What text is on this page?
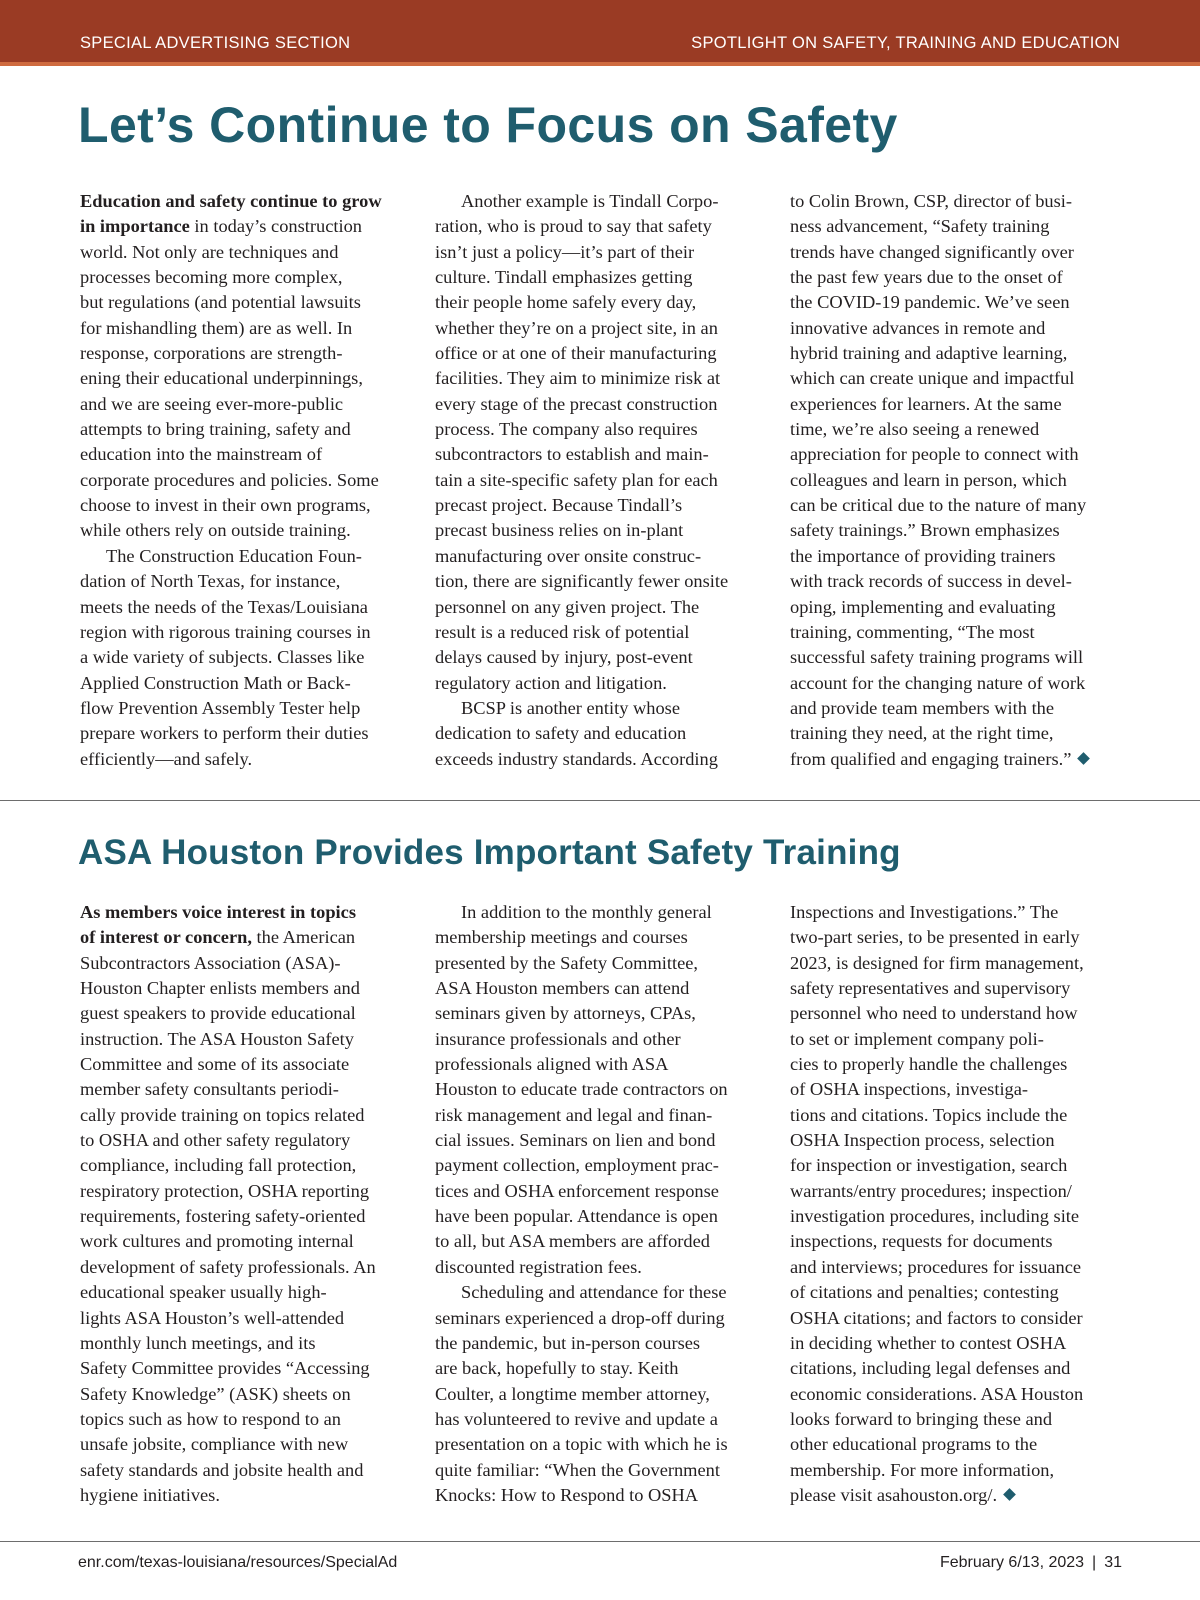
SPECIAL ADVERTISING SECTION	SPOTLIGHT ON SAFETY, TRAINING AND EDUCATION
Let’s Continue to Focus on Safety
Education and safety continue to grow
in importance in today’s construction
world. Not only are techniques and
processes becoming more complex,
but regulations (and potential lawsuits
for mishandling them) are as well. In
response, corporations are strength-
ening their educational underpinnings,
and we are seeing ever-more-public
attempts to bring training, safety and
education into the mainstream of
corporate procedures and policies. Some
choose to invest in their own programs,
while others rely on outside training.
The Construction Education Foun-
dation of North Texas, for instance,
meets the needs of the Texas/Louisiana
region with rigorous training courses in
a wide variety of subjects. Classes like
Applied Construction Math or Back-
flow Prevention Assembly Tester help
prepare workers to perform their duties
efficiently—and safely.
Another example is Tindall Corpo-
ration, who is proud to say that safety
isn’t just a policy—it’s part of their
culture. Tindall emphasizes getting
their people home safely every day,
whether they’re on a project site, in an
office or at one of their manufacturing
facilities. They aim to minimize risk at
every stage of the precast construction
process. The company also requires
subcontractors to establish and main-
tain a site-specific safety plan for each
precast project. Because Tindall’s
precast business relies on in-plant
manufacturing over onsite construc-
tion, there are significantly fewer onsite
personnel on any given project. The
result is a reduced risk of potential
delays caused by injury, post-event
regulatory action and litigation.
BCSP is another entity whose
dedication to safety and education
exceeds industry standards. According
to Colin Brown, CSP, director of busi-
ness advancement, “Safety training
trends have changed significantly over
the past few years due to the onset of
the COVID-19 pandemic. We’ve seen
innovative advances in remote and
hybrid training and adaptive learning,
which can create unique and impactful
experiences for learners. At the same
time, we’re also seeing a renewed
appreciation for people to connect with
colleagues and learn in person, which
can be critical due to the nature of many
safety trainings.” Brown emphasizes
the importance of providing trainers
with track records of success in devel-
oping, implementing and evaluating
training, commenting, “The most
successful safety training programs will
account for the changing nature of work
and provide team members with the
training they need, at the right time,
from qualified and engaging trainers.”
ASA Houston Provides Important Safety Training
As members voice interest in topics
of interest or concern, the American
Subcontractors Association (ASA)-
Houston Chapter enlists members and
guest speakers to provide educational
instruction. The ASA Houston Safety
Committee and some of its associate
member safety consultants periodi-
cally provide training on topics related
to OSHA and other safety regulatory
compliance, including fall protection,
respiratory protection, OSHA reporting
requirements, fostering safety-oriented
work cultures and promoting internal
development of safety professionals. An
educational speaker usually high-
lights ASA Houston’s well-attended
monthly lunch meetings, and its
Safety Committee provides “Accessing
Safety Knowledge” (ASK) sheets on
topics such as how to respond to an
unsafe jobsite, compliance with new
safety standards and jobsite health and
hygiene initiatives.
In addition to the monthly general
membership meetings and courses
presented by the Safety Committee,
ASA Houston members can attend
seminars given by attorneys, CPAs,
insurance professionals and other
professionals aligned with ASA
Houston to educate trade contractors on
risk management and legal and finan-
cial issues. Seminars on lien and bond
payment collection, employment prac-
tices and OSHA enforcement response
have been popular. Attendance is open
to all, but ASA members are afforded
discounted registration fees.
Scheduling and attendance for these
seminars experienced a drop-off during
the pandemic, but in-person courses
are back, hopefully to stay. Keith
Coulter, a longtime member attorney,
has volunteered to revive and update a
presentation on a topic with which he is
quite familiar: “When the Government
Knocks: How to Respond to OSHA
Inspections and Investigations.” The
two-part series, to be presented in early
2023, is designed for firm management,
safety representatives and supervisory
personnel who need to understand how
to set or implement company poli-
cies to properly handle the challenges
of OSHA inspections, investiga-
tions and citations. Topics include the
OSHA Inspection process, selection
for inspection or investigation, search
warrants/entry procedures; inspection/
investigation procedures, including site
inspections, requests for documents
and interviews; procedures for issuance
of citations and penalties; contesting
OSHA citations; and factors to consider
in deciding whether to contest OSHA
citations, including legal defenses and
economic considerations. ASA Houston
looks forward to bringing these and
other educational programs to the
membership. For more information,
please visit asahouston.org/.
enr.com/texas-louisiana/resources/SpecialAd	February 6/13, 2023 | 31
